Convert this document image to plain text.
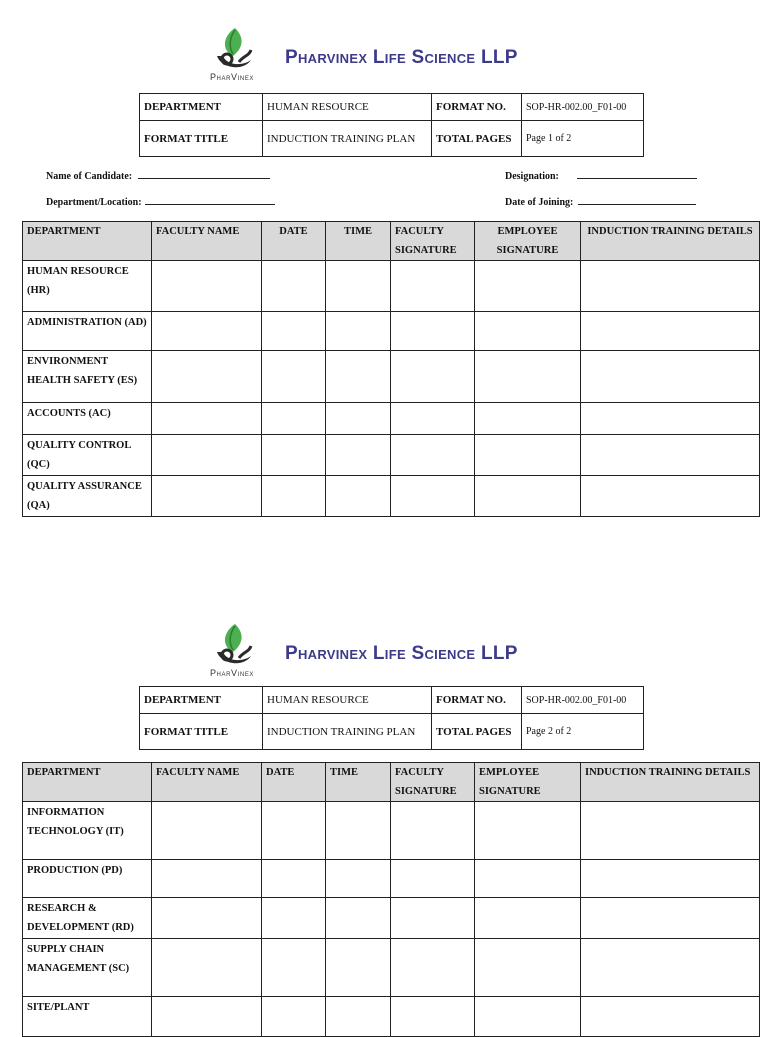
PharVinex
Pharvinex Life Science LLP
DEPARTMENT	HUMAN RESOURCE	FORMAT NO.	SOP-HR-002.00_F01-00
FORMAT TITLE	INDUCTION TRAINING PLAN	TOTAL PAGES	Page 1 of 2
Name of Candidate:	Designation:
Department/Location:	Date of Joining:
DEPARTMENT	FACULTY NAME	DATE	TIME	FACULTY SIGNATURE	EMPLOYEE SIGNATURE	INDUCTION TRAINING DETAILS
HUMAN RESOURCE (HR)						
ADMINISTRATION (AD)						
ENVIRONMENT HEALTH SAFETY (ES)						
ACCOUNTS (AC)						
QUALITY CONTROL (QC)						
QUALITY ASSURANCE (QA)						
PharVinex
Pharvinex Life Science LLP
DEPARTMENT	HUMAN RESOURCE	FORMAT NO.	SOP-HR-002.00_F01-00
FORMAT TITLE	INDUCTION TRAINING PLAN	TOTAL PAGES	Page 2 of 2
DEPARTMENT	FACULTY NAME	DATE	TIME	FACULTY SIGNATURE	EMPLOYEE SIGNATURE	INDUCTION TRAINING DETAILS
INFORMATION TECHNOLOGY (IT)						
PRODUCTION (PD)						
RESEARCH & DEVELOPMENT (RD)						
SUPPLY CHAIN MANAGEMENT (SC)						
SITE/PLANT						
